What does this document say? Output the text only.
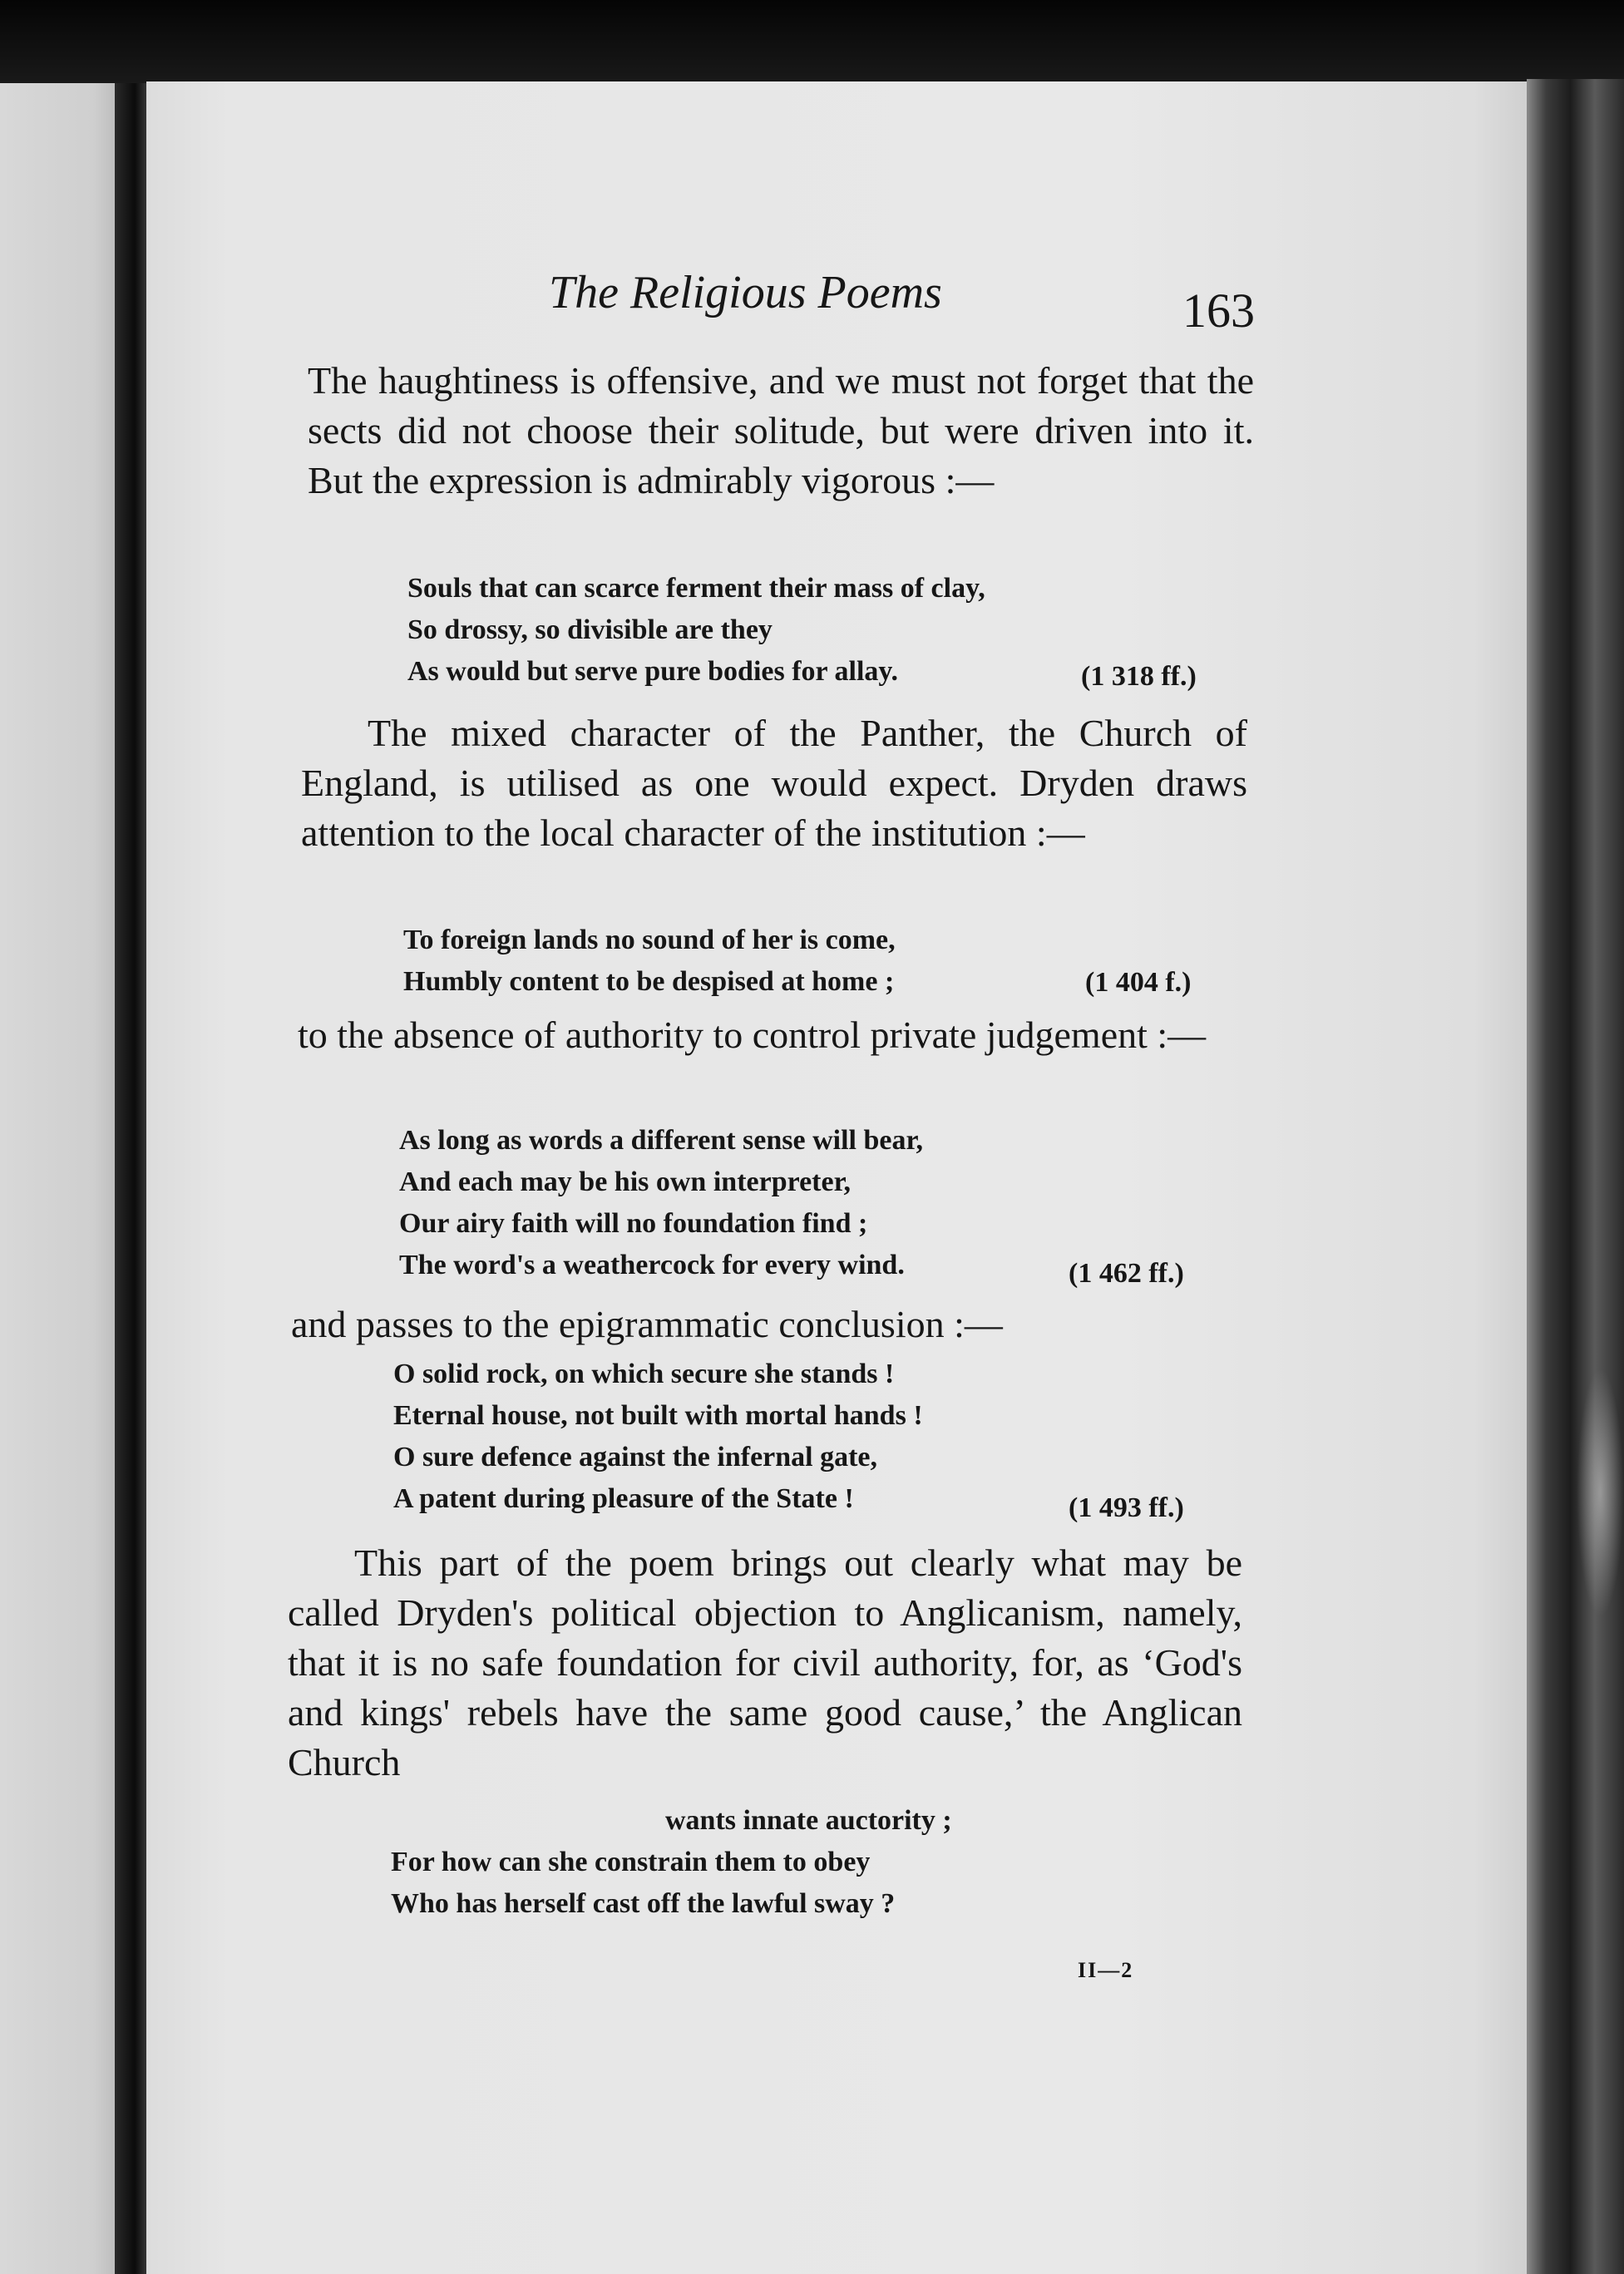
The Religious Poems	163
The haughtiness is offensive, and we must not forget that the sects did not choose their solitude, but were driven into it. But the expression is admirably vigorous :—
Souls that can scarce ferment their mass of clay,
So drossy, so divisible are they
As would but serve pure bodies for allay.	(1 318 ff.)
The mixed character of the Panther, the Church of England, is utilised as one would expect. Dryden draws attention to the local character of the institution :—
To foreign lands no sound of her is come,
Humbly content to be despised at home ;	(1 404 f.)
to the absence of authority to control private judgement :—
As long as words a different sense will bear,
And each may be his own interpreter,
Our airy faith will no foundation find ;
The word's a weathercock for every wind.	(1 462 ff.)
and passes to the epigrammatic conclusion :—
O solid rock, on which secure she stands !
Eternal house, not built with mortal hands !
O sure defence against the infernal gate,
A patent during pleasure of the State !	(1 493 ff.)
This part of the poem brings out clearly what may be called Dryden's political objection to Anglicanism, namely, that it is no safe foundation for civil authority, for, as ‘God's and kings' rebels have the same good cause,’ the Anglican Church
wants innate auctority ;
For how can she constrain them to obey
Who has herself cast off the lawful sway ?
II—2
